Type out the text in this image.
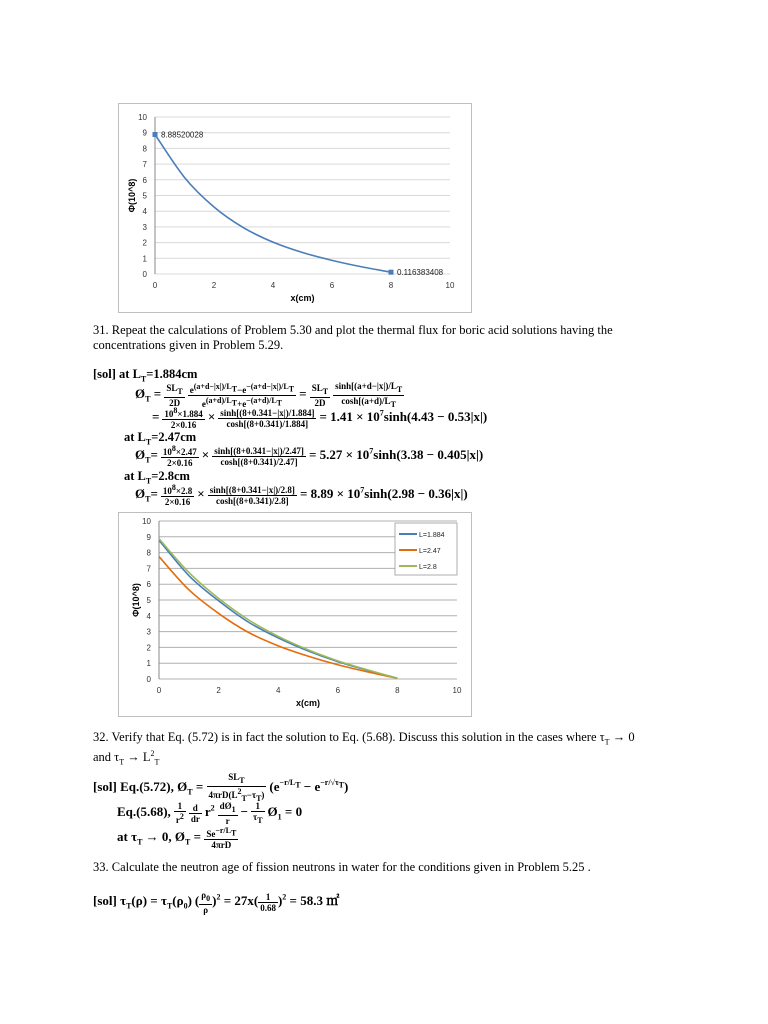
0
1
2
3
4
5
6
7
8
9
10
0	2	4	6	8	10
x(cm)
Φ(10^8)
8.88520028
0.116383408
31. Repeat the calculations of Problem 5.30 and plot the thermal flux for boric acid solutions having the
concentrations given in Problem 5.29.
[sol] at $L_T=1.884cm$
$Ø_T = \frac{SL_T}{2D}$
$\frac{e^{(a+d-|x|)/L_T}-e^{-(a+d-|x|)/L_T}}{e^{(a+d)/L_T}+e^{-(a+d)/L_T}} = \frac{SL_T}{2D}$
$\frac{\sinh[(a+d-|x|)/L_T}{\cosh[(a+d)/L_T}$
= $\frac{10^8\times 1.884}{2\times 0.16} \times \frac{\sinh[(8+0.341-|x|)/1.884]}{\cosh[(8+0.341)/1.884]} = 1.41 \times 10^7\sinh(4.43 - 0.53|x|)$
at $L_T=2.47cm$
$Ø_T= \frac{10^8\times 2.47}{2\times 0.16} \times \frac{\sinh[(8+0.341-|x|)/2.47]}{\cosh[(8+0.341)/2.47]} = 5.27 \times 10^7\sinh(3.38 - 0.405|x|)$
at $L_T=2.8cm$
$Ø_T= \frac{10^8\times 2.8}{2\times 0.16} \times \frac{\sinh[(8+0.341-|x|)/2.8]}{\cosh[(8+0.341)/2.8]} = 8.89 \times 10^7\sinh(2.98 - 0.36|x|)$
0
1
2
3
4
5
6
7
8
9
10
0	2	4	6	8	10
x(cm)
Φ(10^8)
L=1.884
L=2.47
L=2.8
32. Verify that Eq. (5.72) is in fact the solution to Eq. (5.68). Discuss this solution in the cases where $\tau_T \to 0$
and $\tau_T \to L^2_T$
[sol] Eq.(5.72), $Ø_T = \frac{SL_T}{4\pi rD(L^2_T-\tau_T)} (e^{-r/L_T} - e^{-r/√\tau_T})$
Eq.(5.68), $\frac{1}{r^2}$
$\frac{d}{dr} r^2 \frac{dØ_1}{r} - \frac{1}{\tau_T}$ $Ø_1 = 0$
at $\tau_T \to 0$, $Ø_T = \frac{Se^{-r/L_T}}{\text{4πrD}}$
33. Calculate the neutron age of fission neutrons in water for the conditions given in Problem 5.25 .
[sol] $\tau_T(\rho) = \tau_T(\rho_0)$ ( $\frac{\rho_0}{\rho} )^2 = 27x( \frac{1}{0.68} )^2 = 58.3$ ㎡
